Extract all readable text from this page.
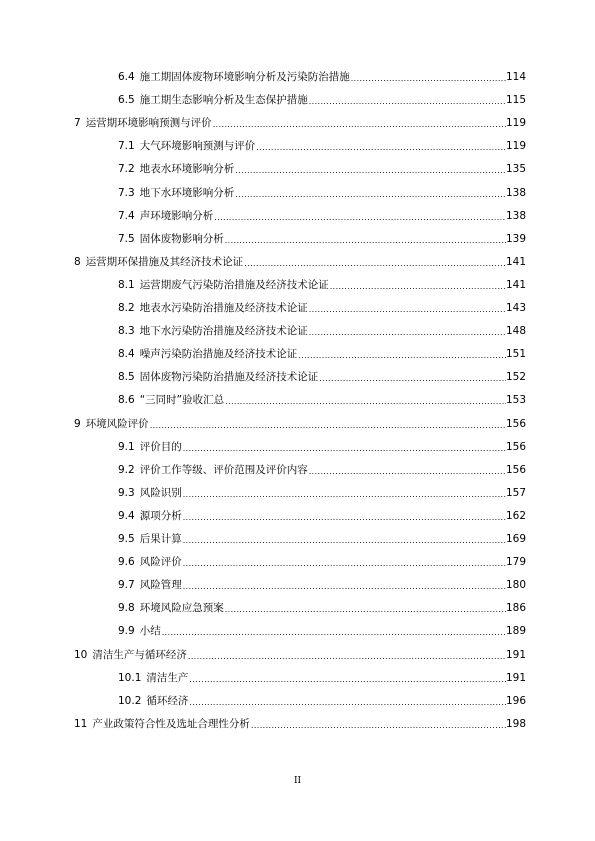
6.4 施工期固体废物环境影响分析及污染防治措施 .....	114
6.5 施工期生态影响分析及生态保护措施 .....	115
7 运营期环境影响预测与评价 .....	119
7.1 大气环境影响预测与评价 .....	119
7.2 地表水环境影响分析 .....	135
7.3 地下水环境影响分析 .....	138
7.4 声环境影响分析 .....	138
7.5 固体废物影响分析 .....	139
8 运营期环保措施及其经济技术论证 .....	141
8.1 运营期废气污染防治措施及经济技术论证 .....	141
8.2 地表水污染防治措施及经济技术论证 .....	143
8.3 地下水污染防治措施及经济技术论证 .....	148
8.4 噪声污染防治措施及经济技术论证 .....	151
8.5 固体废物污染防治措施及经济技术论证 .....	152
8.6 “三同时”验收汇总 .....	153
9 环境风险评价 .....	156
9.1 评价目的 .....	156
9.2 评价工作等级、评价范围及评价内容 .....	156
9.3 风险识别 .....	157
9.4 源项分析 .....	162
9.5 后果计算 .....	169
9.6 风险评价 .....	179
9.7 风险管理 .....	180
9.8 环境风险应急预案 .....	186
9.9 小结 .....	189
10 清洁生产与循环经济 .....	191
10.1 清洁生产 .....	191
10.2 循环经济 .....	196
11 产业政策符合性及选址合理性分析 .....	198
II
